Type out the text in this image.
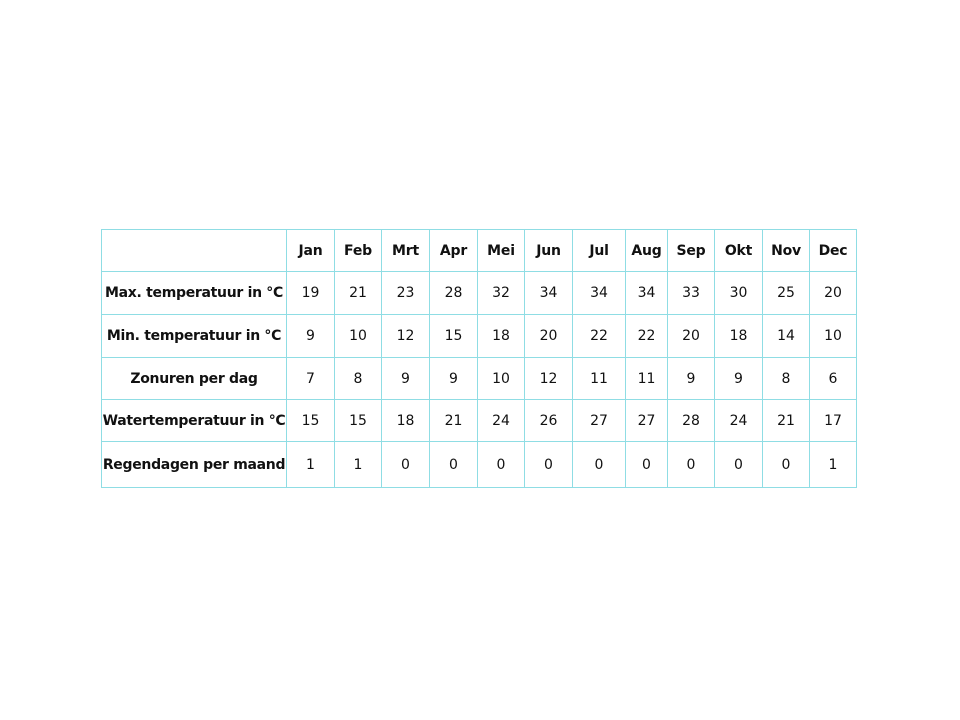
	Jan	Feb	Mrt	Apr	Mei	Jun	Jul	Aug	Sep	Okt	Nov	Dec
Max. temperatuur in °C	19	21	23	28	32	34	34	34	33	30	25	20
Min. temperatuur in °C	9	10	12	15	18	20	22	22	20	18	14	10
Zonuren per dag	7	8	9	9	10	12	11	11	9	9	8	6
Watertemperatuur in °C	15	15	18	21	24	26	27	27	28	24	21	17
Regendagen per maand	1	1	0	0	0	0	0	0	0	0	0	1
